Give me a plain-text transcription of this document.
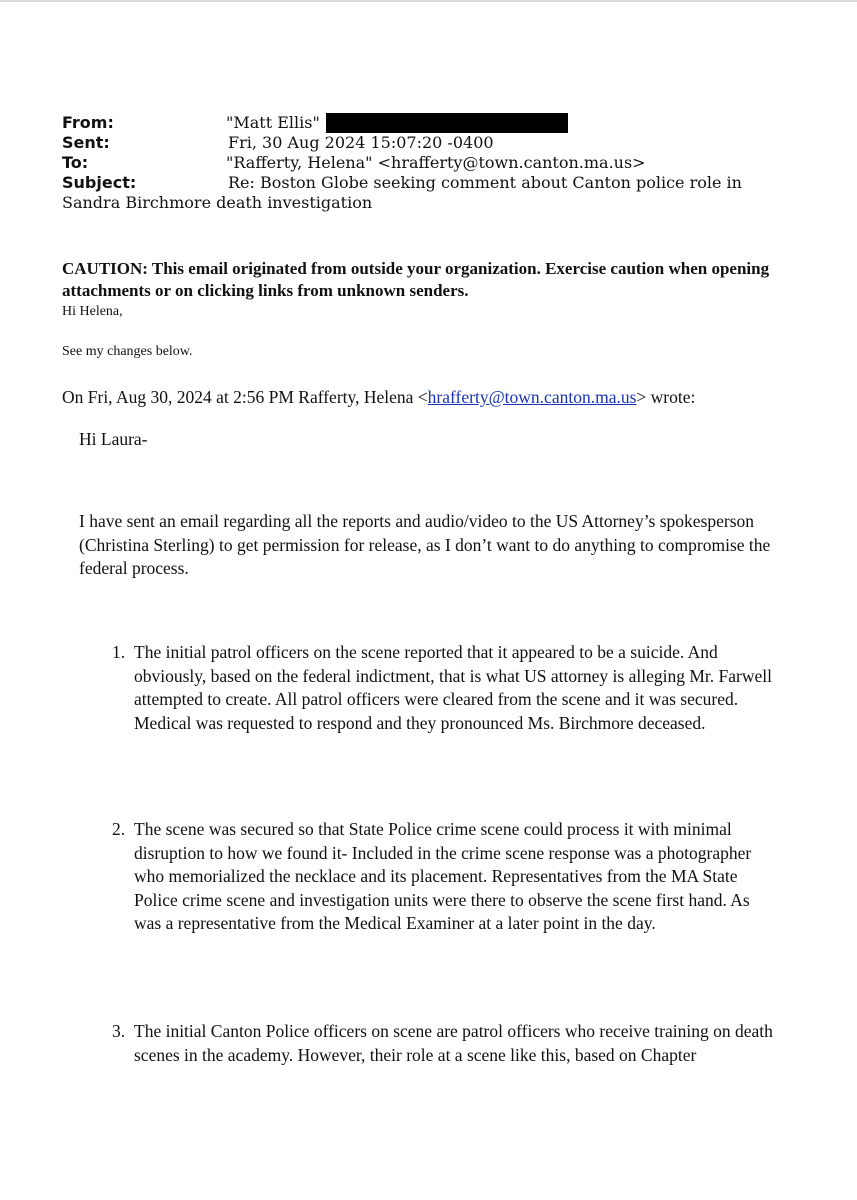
From:	"Matt Ellis"
Sent:	Fri, 30 Aug 2024 15:07:20 -0400
To:	"Rafferty, Helena" <hrafferty@town.canton.ma.us>
Subject:	Re: Boston Globe seeking comment about Canton police role in
Sandra Birchmore death investigation
CAUTION: This email originated from outside your organization. Exercise caution when opening attachments or on clicking links from unknown senders.
Hi Helena,
See my changes below.
On Fri, Aug 30, 2024 at 2:56 PM Rafferty, Helena <hrafferty@town.canton.ma.us> wrote:
Hi Laura-
I have sent an email regarding all the reports and audio/video to the US Attorney’s spokesperson (Christina Sterling) to get permission for release, as I don’t want to do anything to compromise the federal process.
1. The initial patrol officers on the scene reported that it appeared to be a suicide. And obviously, based on the federal indictment, that is what US attorney is alleging Mr. Farwell attempted to create. All patrol officers were cleared from the scene and it was secured. Medical was requested to respond and they pronounced Ms. Birchmore deceased.
2. The scene was secured so that State Police crime scene could process it with minimal disruption to how we found it- Included in the crime scene response was a photographer who memorialized the necklace and its placement. Representatives from the MA State Police crime scene and investigation units were there to observe the scene first hand. As was a representative from the Medical Examiner at a later point in the day.
3. The initial Canton Police officers on scene are patrol officers who receive training on death scenes in the academy. However, their role at a scene like this, based on Chapter
